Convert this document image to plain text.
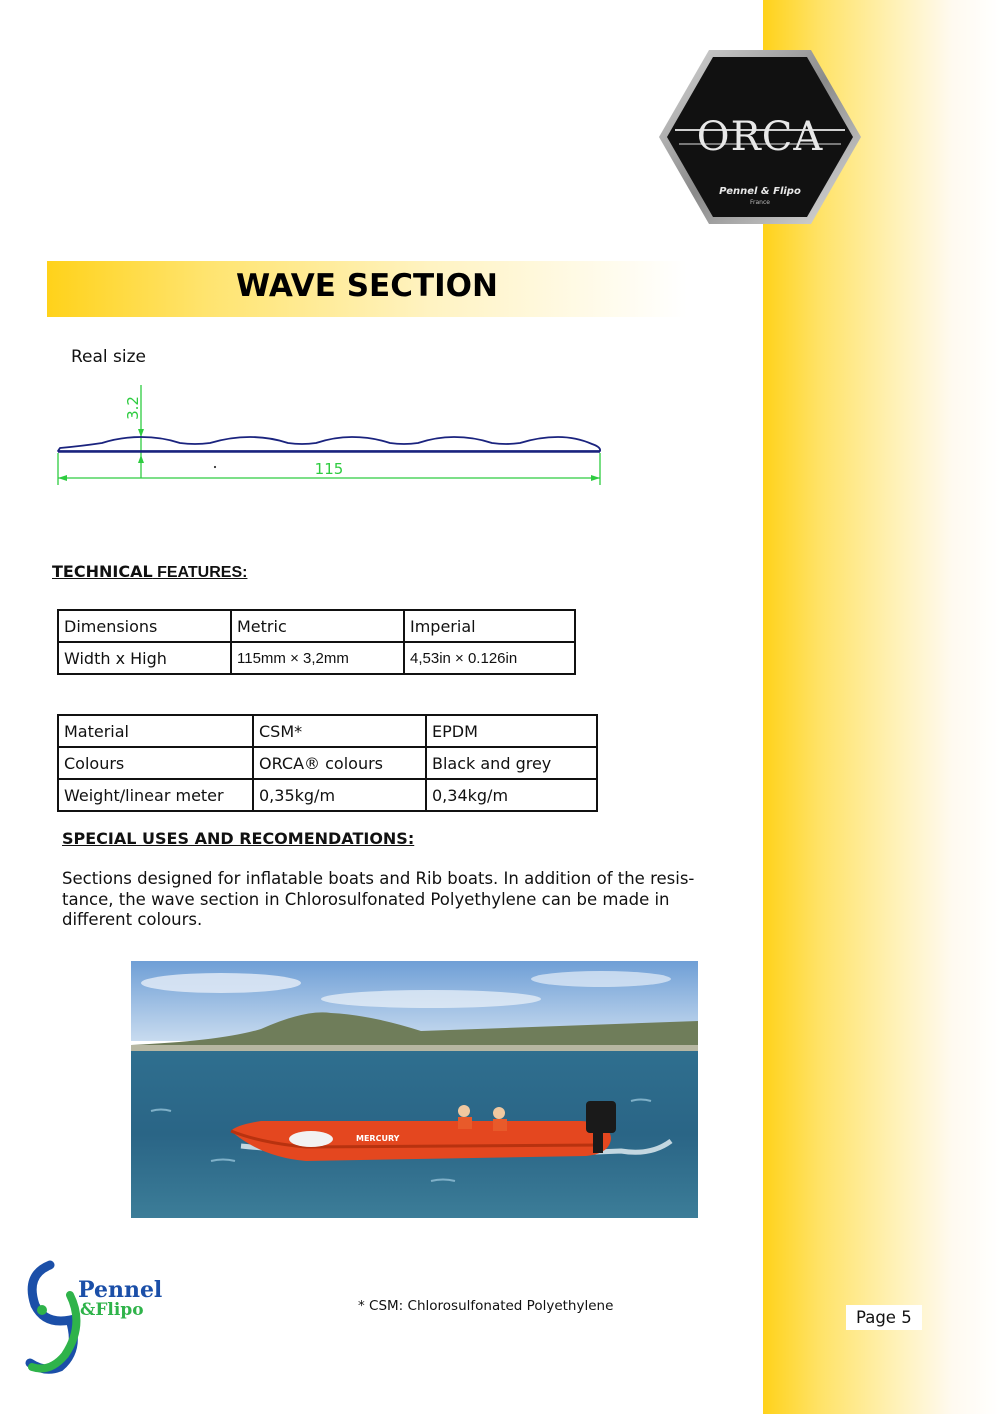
ORCA
Pennel & Flipo
France
WAVE SECTION
Real size
3.2
115
TECHNICAL FEATURES:
Dimensions	Metric	Imperial
Width x High	115mm × 3,2mm	4,53in × 0.126in
Material	CSM*	EPDM
Colours	ORCA® colours	Black and grey
Weight/linear meter	0,35kg/m	0,34kg/m
SPECIAL USES AND RECOMENDATIONS:

Sections designed for inflatable boats and Rib boats. In addition of the resis- tance, the wave section in Chlorosulfonated Polyethylene can be made in different colours.

MERCURY
Pennel
&Flipo	* CSM: Chlorosulfonated Polyethylene
Page 5
